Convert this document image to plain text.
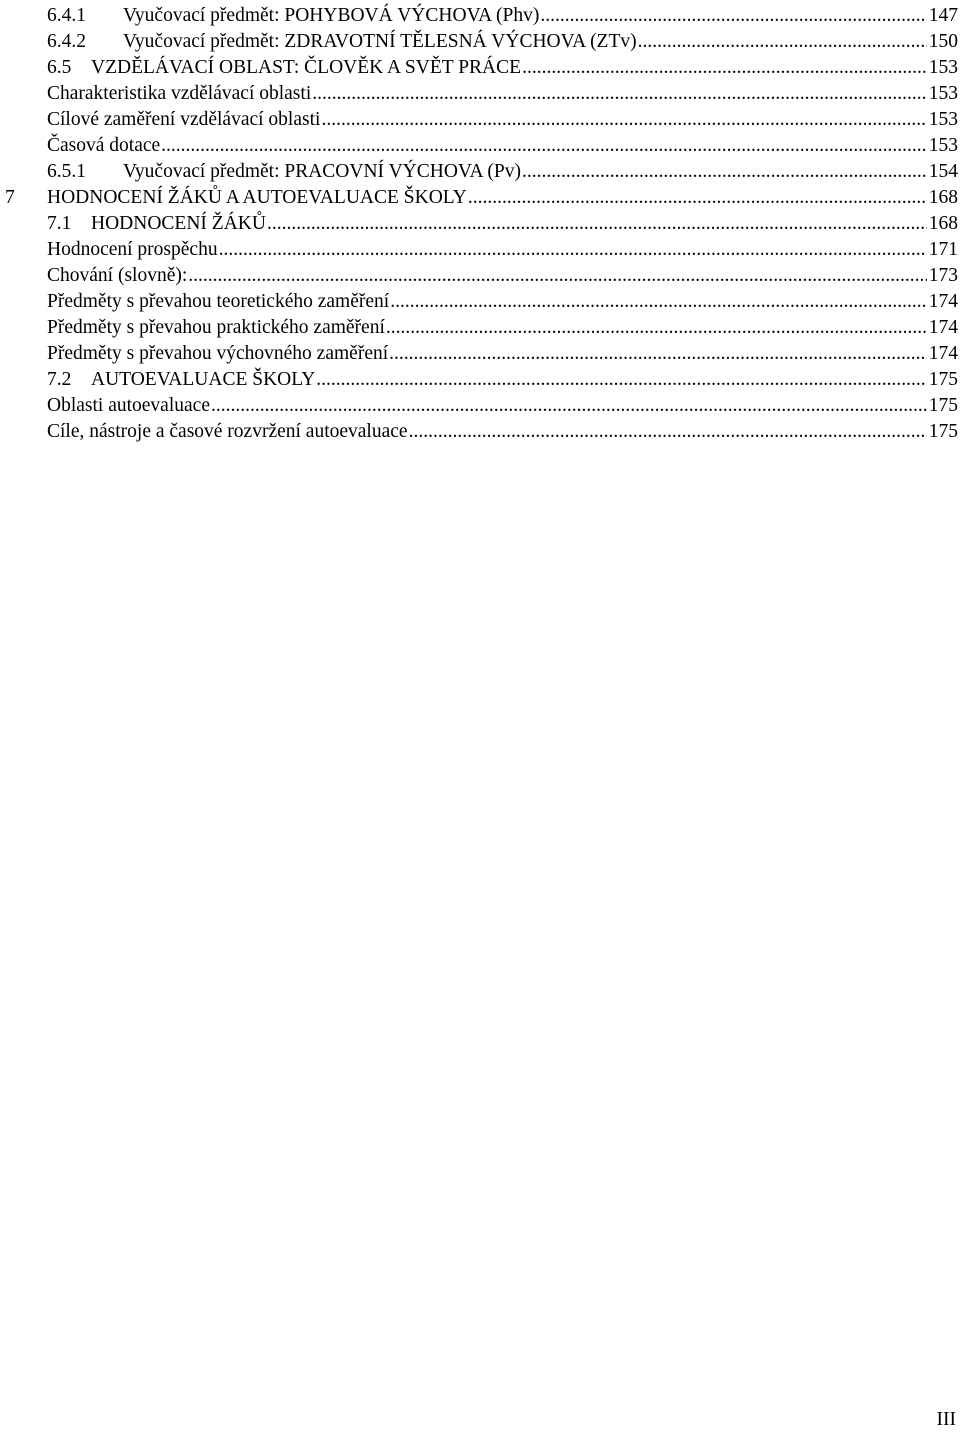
6.4.1	Vyučovací předmět: POHYBOVÁ VÝCHOVA (Phv) .....	147
6.4.2	Vyučovací předmět: ZDRAVOTNÍ TĚLESNÁ VÝCHOVA (ZTv) .....	150
6.5	VZDĚLÁVACÍ OBLAST: ČLOVĚK A SVĚT PRÁCE .....	153
Charakteristika vzdělávací oblasti .....	153
Cílové zaměření vzdělávací oblasti .....	153
Časová dotace .....	153
6.5.1	Vyučovací předmět: PRACOVNÍ VÝCHOVA (Pv) .....	154
7	HODNOCENÍ ŽÁKŮ A AUTOEVALUACE ŠKOLY .....	168
7.1	HODNOCENÍ ŽÁKŮ .....	168
Hodnocení prospěchu .....	171
Chování (slovně): .....	173
Předměty s převahou teoretického zaměření .....	174
Předměty s převahou praktického zaměření .....	174
Předměty s převahou výchovného zaměření .....	174
7.2	AUTOEVALUACE ŠKOLY .....	175
Oblasti autoevaluace .....	175
Cíle, nástroje a časové rozvržení autoevaluace .....	175
III
